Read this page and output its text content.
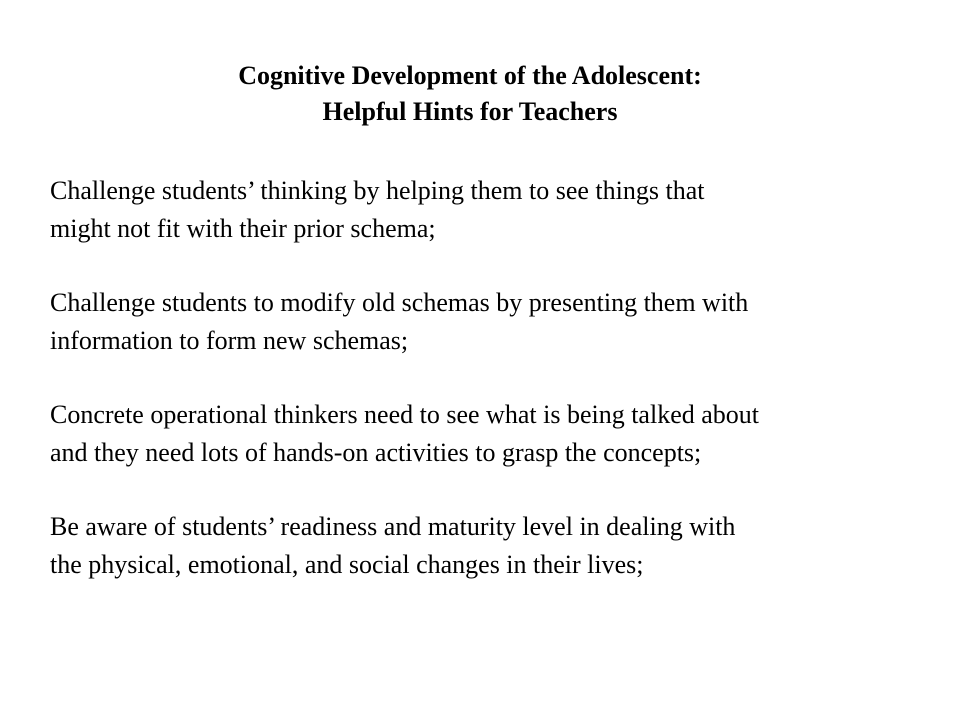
Cognitive Development of the Adolescent:
Helpful Hints for Teachers

Challenge students’ thinking by helping them to see things that
might not fit with their prior schema;

Challenge students to modify old schemas by presenting them with
information to form new schemas;

Concrete operational thinkers need to see what is being talked about
and they need lots of hands-on activities to grasp the concepts;

Be aware of students’ readiness and maturity level in dealing with
the physical, emotional, and social changes in their lives;
